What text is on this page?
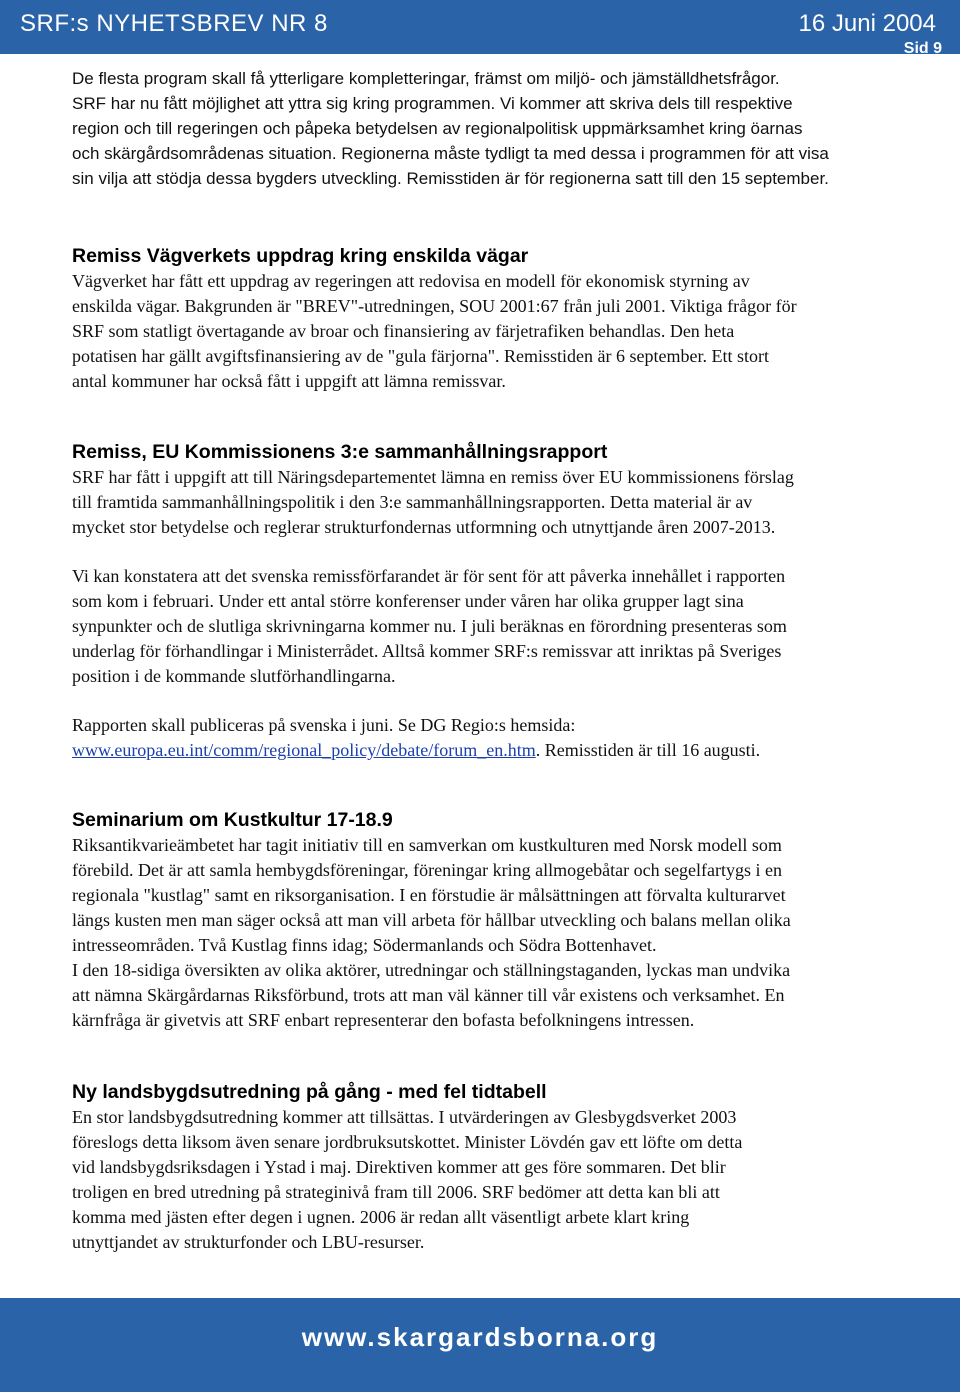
SRF:s NYHETSBREV NR 8	16 Juni 2004
Sid 9

De flesta program skall få ytterligare kompletteringar, främst om miljö- och jämställdhetsfrågor.

SRF har nu fått möjlighet att yttra sig kring programmen. Vi kommer att skriva dels till respektive

region och till regeringen och påpeka betydelsen av regionalpolitisk uppmärksamhet kring öarnas

och skärgårdsområdenas situation. Regionerna måste tydligt ta med dessa i programmen för att visa

sin vilja att stödja dessa bygders utveckling. Remisstiden är för regionerna satt till den 15 september.

Remiss Vägverkets uppdrag kring enskilda vägar

Vägverket har fått ett uppdrag av regeringen att redovisa en modell för ekonomisk styrning av

enskilda vägar. Bakgrunden är "BREV"-utredningen, SOU 2001:67 från juli 2001. Viktiga frågor för

SRF som statligt övertagande av broar och finansiering av färjetrafiken behandlas. Den heta

potatisen har gällt avgiftsfinansiering av de "gula färjorna". Remisstiden är 6 september. Ett stort

antal kommuner har också fått i uppgift att lämna remissvar.

Remiss, EU Kommissionens 3:e sammanhållningsrapport

SRF har fått i uppgift att till Näringsdepartementet lämna en remiss över EU kommissionens förslag

till framtida sammanhållningspolitik i den 3:e sammanhållningsrapporten. Detta material är av

mycket stor betydelse och reglerar strukturfondernas utformning och utnyttjande åren 2007-2013.

Vi kan konstatera att det svenska remissförfarandet är för sent för att påverka innehållet i rapporten

som kom i februari. Under ett antal större konferenser under våren har olika grupper lagt sina

synpunkter och de slutliga skrivningarna kommer nu. I juli beräknas en förordning presenteras som

underlag för förhandlingar i Ministerrådet. Alltså kommer SRF:s remissvar att inriktas på Sveriges

position i de kommande slutförhandlingarna.

Rapporten skall publiceras på svenska i juni. Se DG Regio:s hemsida:

www.europa.eu.int/comm/regional_policy/debate/forum_en.htm. Remisstiden är till 16 augusti.

Seminarium om Kustkultur 17-18.9

Riksantikvarieämbetet har tagit initiativ till en samverkan om kustkulturen med Norsk modell som

förebild. Det är att samla hembygdsföreningar, föreningar kring allmogebåtar och segelfartygs i en

regionala "kustlag" samt en riksorganisation. I en förstudie är målsättningen att förvalta kulturarvet

längs kusten men man säger också att man vill arbeta för hållbar utveckling och balans mellan olika

intresseområden. Två Kustlag finns idag; Södermanlands och Södra Bottenhavet.

I den 18-sidiga översikten av olika aktörer, utredningar och ställningstaganden, lyckas man undvika

att nämna Skärgårdarnas Riksförbund, trots att man väl känner till vår existens och verksamhet. En

kärnfråga är givetvis att SRF enbart representerar den bofasta befolkningens intressen.

Ny landsbygdsutredning på gång - med fel tidtabell

En stor landsbygdsutredning kommer att tillsättas. I utvärderingen av Glesbygdsverket 2003

föreslogs detta liksom även senare jordbruksutskottet. Minister Lövdén gav ett löfte om detta

vid landsbygdsriksdagen i Ystad i maj. Direktiven kommer att ges före sommaren. Det blir

troligen en bred utredning på strateginivå fram till 2006. SRF bedömer att detta kan bli att

komma med jästen efter degen i ugnen. 2006 är redan allt väsentligt arbete klart kring

utnyttjandet av strukturfonder och LBU-resurser.

www.skargardsborna.org
